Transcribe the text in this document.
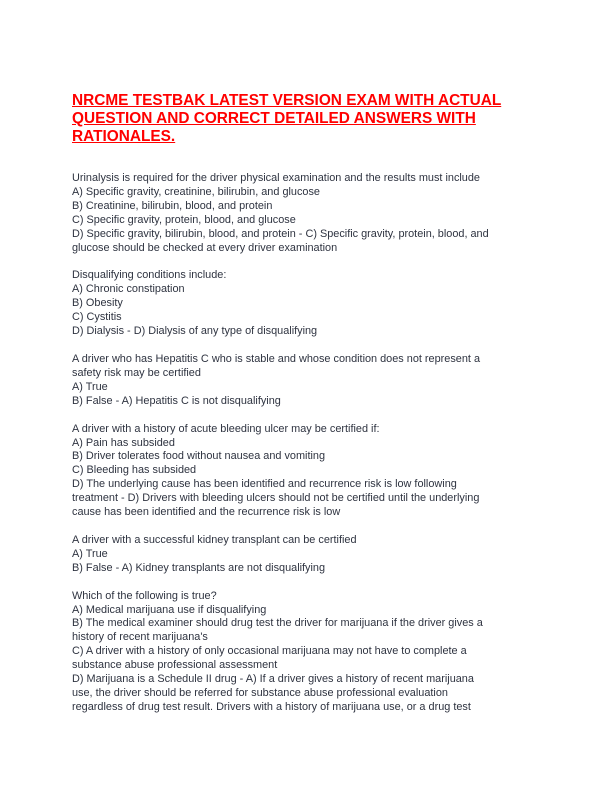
NRCME TESTBAK LATEST VERSION EXAM WITH ACTUAL
QUESTION AND CORRECT DETAILED ANSWERS WITH
RATIONALES.
Urinalysis is required for the driver physical examination and the results must include
A) Specific gravity, creatinine, bilirubin, and glucose
B) Creatinine, bilirubin, blood, and protein
C) Specific gravity, protein, blood, and glucose
D) Specific gravity, bilirubin, blood, and protein - C) Specific gravity, protein, blood, and
glucose should be checked at every driver examination
Disqualifying conditions include:
A) Chronic constipation
B) Obesity
C) Cystitis
D) Dialysis - D) Dialysis of any type of disqualifying
A driver who has Hepatitis C who is stable and whose condition does not represent a
safety risk may be certified
A) True
B) False - A) Hepatitis C is not disqualifying
A driver with a history of acute bleeding ulcer may be certified if:
A) Pain has subsided
B) Driver tolerates food without nausea and vomiting
C) Bleeding has subsided
D) The underlying cause has been identified and recurrence risk is low following
treatment - D) Drivers with bleeding ulcers should not be certified until the underlying
cause has been identified and the recurrence risk is low
A driver with a successful kidney transplant can be certified
A) True
B) False - A) Kidney transplants are not disqualifying
Which of the following is true?
A) Medical marijuana use if disqualifying
B) The medical examiner should drug test the driver for marijuana if the driver gives a
history of recent marijuana's
C) A driver with a history of only occasional marijuana may not have to complete a
substance abuse professional assessment
D) Marijuana is a Schedule II drug - A) If a driver gives a history of recent marijuana
use, the driver should be referred for substance abuse professional evaluation
regardless of drug test result. Drivers with a history of marijuana use, or a drug test
